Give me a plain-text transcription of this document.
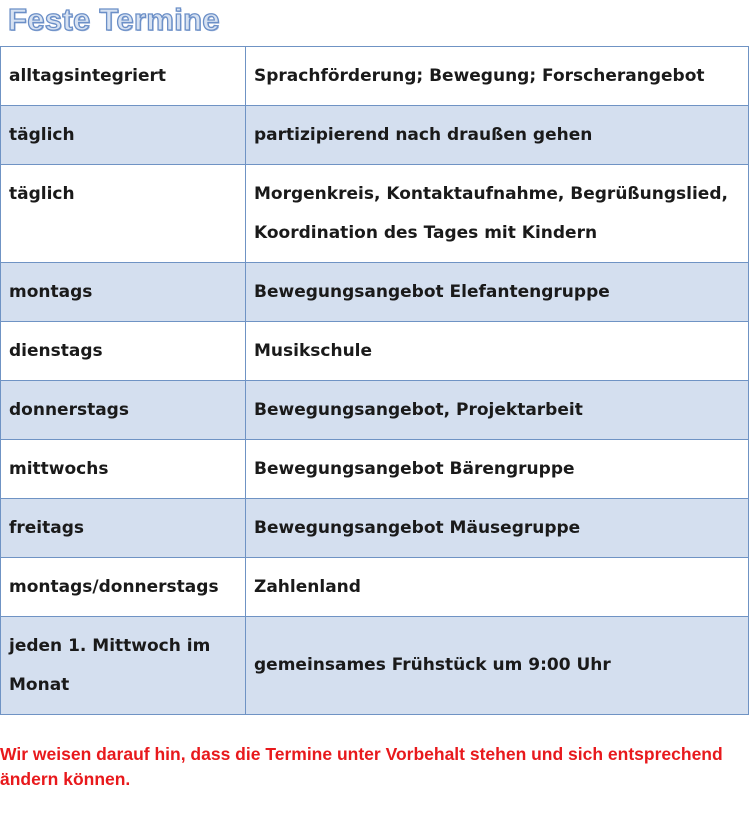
Feste Termine
alltagsintegriert	Sprachförderung; Bewegung; Forscherangebot
täglich	partizipierend nach draußen gehen
täglich	Morgenkreis, Kontaktaufnahme, Begrüßungslied, Koordination des Tages mit Kindern
montags	Bewegungsangebot Elefantengruppe
dienstags	Musikschule
donnerstags	Bewegungsangebot, Projektarbeit
mittwochs	Bewegungsangebot Bärengruppe
freitags	Bewegungsangebot Mäusegruppe
montags/donnerstags	Zahlenland
jeden 1. Mittwoch im Monat	gemeinsames Frühstück um 9:00 Uhr
Wir weisen darauf hin, dass die Termine unter Vorbehalt stehen und sich entsprechend ändern können.
